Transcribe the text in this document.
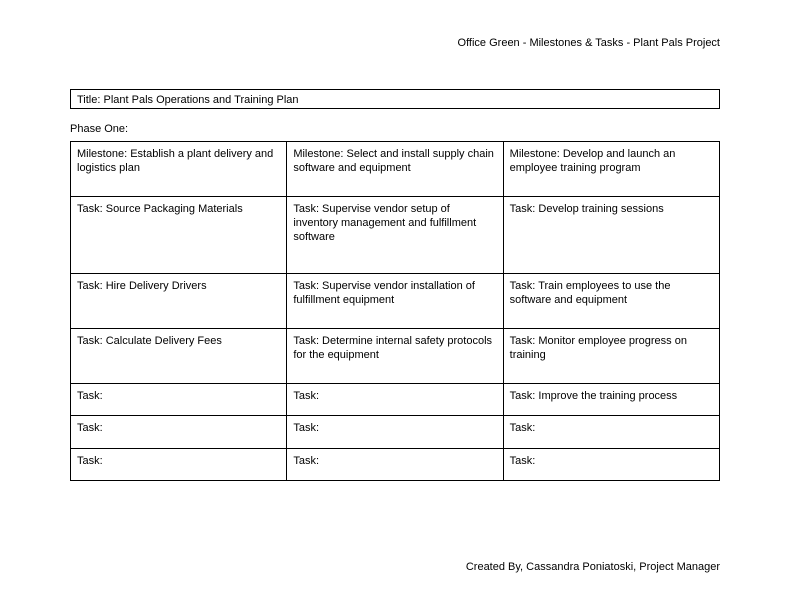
Office Green - Milestones & Tasks - Plant Pals Project
Title: Plant Pals Operations and Training Plan
Phase One:
Milestone: Establish a plant delivery and logistics plan	Milestone: Select and install supply chain software and equipment	Milestone: Develop and launch an employee training program
Task: Source Packaging Materials	Task: Supervise vendor setup of inventory management and fulfillment software	Task: Develop training sessions
Task: Hire Delivery Drivers	Task: Supervise vendor installation of fulfillment equipment	Task: Train employees to use the software and equipment
Task: Calculate Delivery Fees	Task: Determine internal safety protocols for the equipment	Task: Monitor employee progress on training
Task:	Task:	Task: Improve the training process
Task:	Task:	Task:
Task:	Task:	Task:
Created By, Cassandra Poniatoski, Project Manager
